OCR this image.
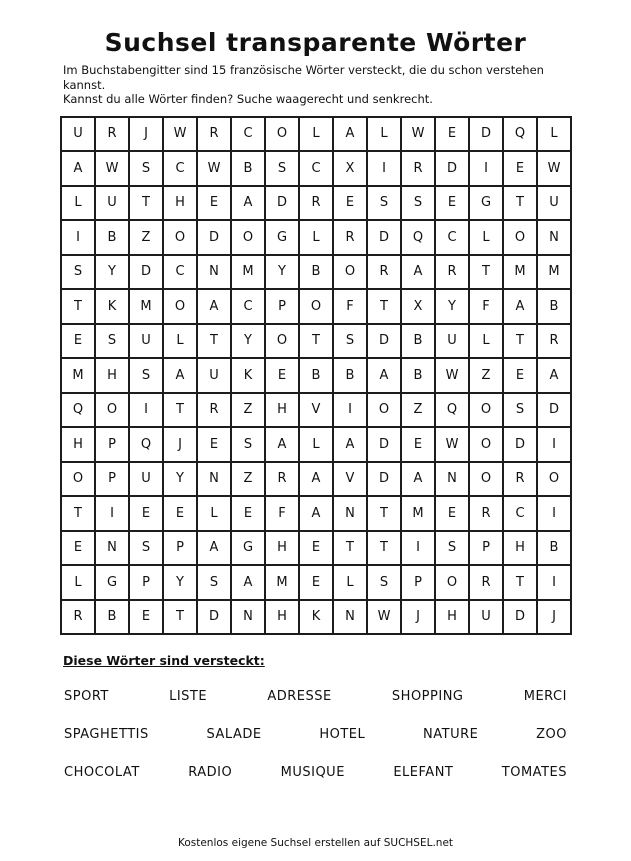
Suchsel transparente Wörter

Im Buchstabengitter sind 15 französische Wörter versteckt, die du schon verstehen kannst.
Kannst du alle Wörter finden? Suche waagerecht und senkrecht.

U	R	J	W	R	C	O	L	A	L	W	E	D	Q	L
A	W	S	C	W	B	S	C	X	I	R	D	I	E	W
L	U	T	H	E	A	D	R	E	S	S	E	G	T	U
I	B	Z	O	D	O	G	L	R	D	Q	C	L	O	N
S	Y	D	C	N	M	Y	B	O	R	A	R	T	M	M
T	K	M	O	A	C	P	O	F	T	X	Y	F	A	B
E	S	U	L	T	Y	O	T	S	D	B	U	L	T	R
M	H	S	A	U	K	E	B	B	A	B	W	Z	E	A
Q	O	I	T	R	Z	H	V	I	O	Z	Q	O	S	D
H	P	Q	J	E	S	A	L	A	D	E	W	O	D	I
O	P	U	Y	N	Z	R	A	V	D	A	N	O	R	O
T	I	E	E	L	E	F	A	N	T	M	E	R	C	I
E	N	S	P	A	G	H	E	T	T	I	S	P	H	B
L	G	P	Y	S	A	M	E	L	S	P	O	R	T	I
R	B	E	T	D	N	H	K	N	W	J	H	U	D	J
Diese Wörter sind versteckt:
SPORT	LISTE	ADRESSE	SHOPPING	MERCI
SPAGHETTIS	SALADE	HOTEL	NATURE	ZOO
CHOCOLAT	RADIO	MUSIQUE	ELEFANT	TOMATES
Kostenlos eigene Suchsel erstellen auf SUCHSEL.net
